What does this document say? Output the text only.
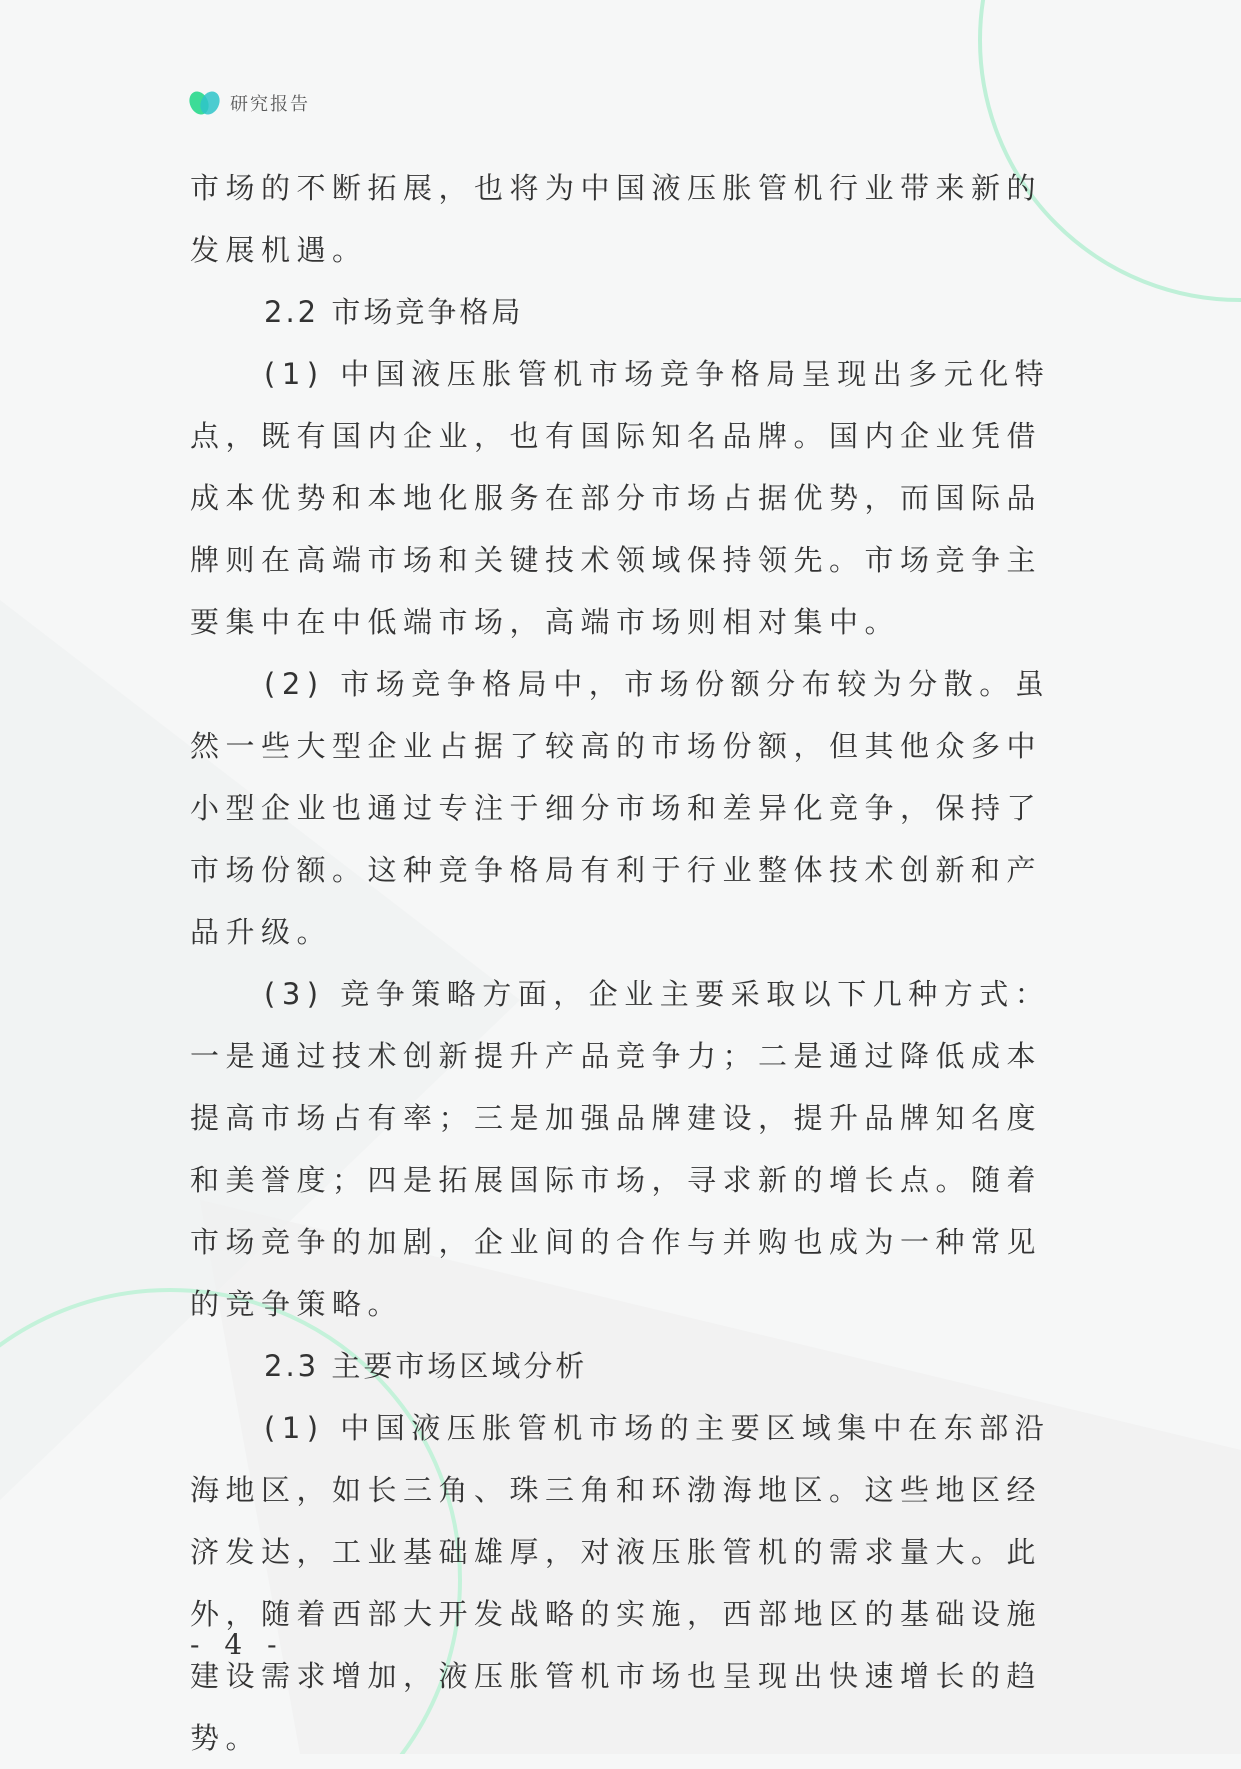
研究报告

市场的不断拓展，也将为中国液压胀管机行业带来新的发展机遇。

2.2 市场竞争格局

(1) 中国液压胀管机市场竞争格局呈现出多元化特点，既有国内企业，也有国际知名品牌。国内企业凭借成本优势和本地化服务在部分市场占据优势，而国际品牌则在高端市场和关键技术领域保持领先。市场竞争主要集中在中低端市场，高端市场则相对集中。

(2) 市场竞争格局中，市场份额分布较为分散。虽然一些大型企业占据了较高的市场份额，但其他众多中小型企业也通过专注于细分市场和差异化竞争，保持了市场份额。这种竞争格局有利于行业整体技术创新和产品升级。

(3) 竞争策略方面，企业主要采取以下几种方式：一是通过技术创新提升产品竞争力；二是通过降低成本提高市场占有率；三是加强品牌建设，提升品牌知名度和美誉度；四是拓展国际市场，寻求新的增长点。随着市场竞争的加剧，企业间的合作与并购也成为一种常见的竞争策略。

2.3 主要市场区域分析

(1) 中国液压胀管机市场的主要区域集中在东部沿海地区，如长三角、珠三角和环渤海地区。这些地区经济发达，工业基础雄厚，对液压胀管机的需求量大。此外，随着西部大开发战略的实施，西部地区的基础设施建设需求增加，液压胀管机市场也呈现出快速增长的趋势。

- 4 -
